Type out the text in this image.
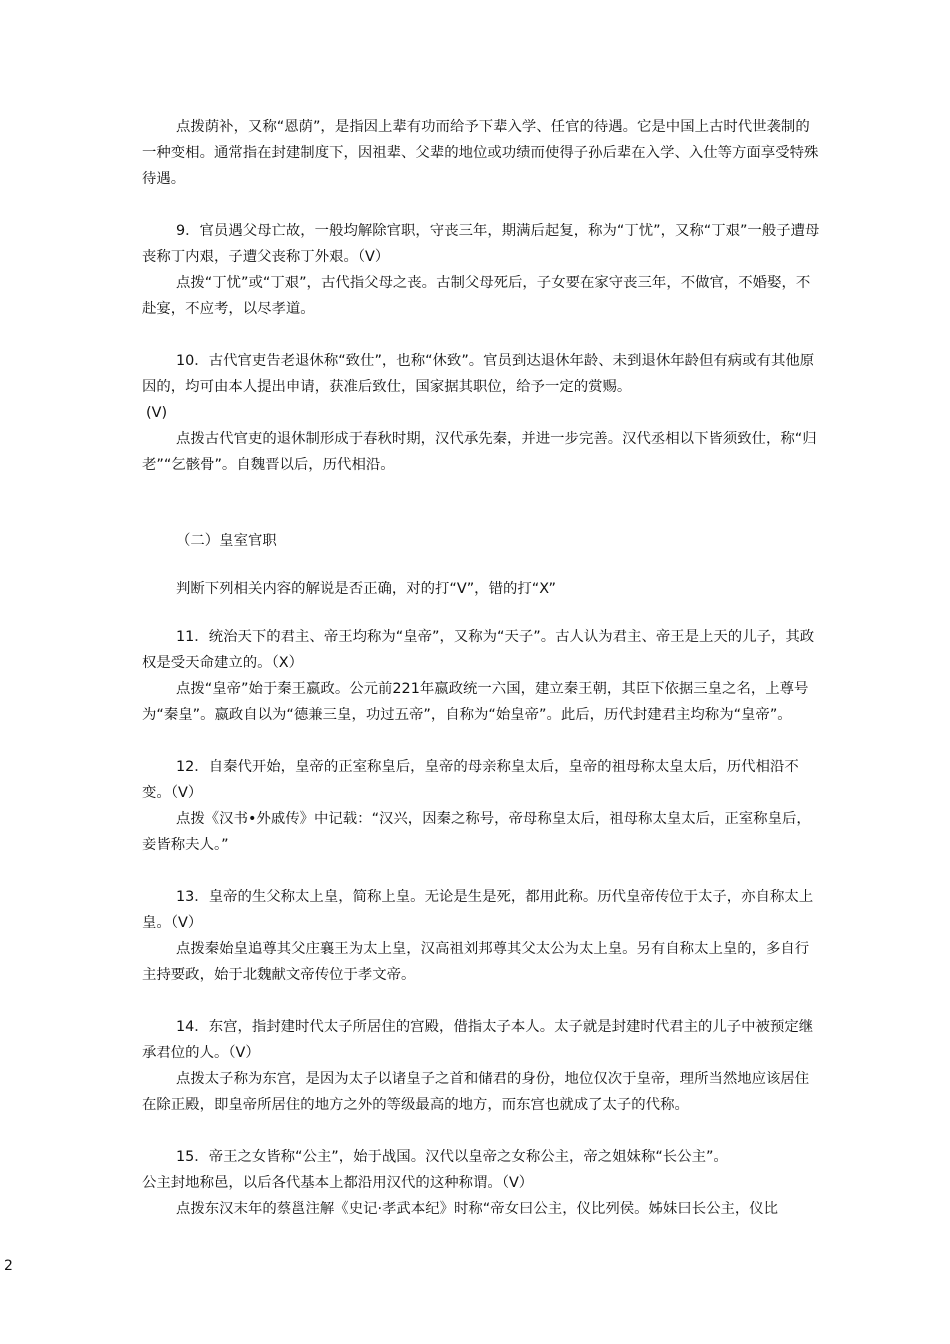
点拨荫补，又称“恩荫”，是指因上辈有功而给予下辈入学、任官的待遇。它是中国上古时代世袭制的一种变相。通常指在封建制度下，因祖辈、父辈的地位或功绩而使得子孙后辈在入学、入仕等方面享受特殊待遇。

9．官员遇父母亡故，一般均解除官职，守丧三年，期满后起复，称为“丁忧”，又称“丁艰”一般子遭母丧称丁内艰，子遭父丧称丁外艰。（V）

点拨“丁忧”或“丁艰”，古代指父母之丧。古制父母死后，子女要在家守丧三年，不做官，不婚娶，不赴宴，不应考，以尽孝道。

10．古代官吏告老退休称“致仕”，也称“休致”。官员到达退休年龄、未到退休年龄但有病或有其他原因的，均可由本人提出申请，获准后致仕，国家据其职位，给予一定的赏赐。

(V)

点拨古代官吏的退休制形成于春秋时期，汉代承先秦，并进一步完善。汉代丞相以下皆须致仕，称“归老”“乞骸骨”。自魏晋以后，历代相沿。

（二）皇室官职

判断下列相关内容的解说是否正确，对的打“V”，错的打“X”

11．统治天下的君主、帝王均称为“皇帝”，又称为“天子”。古人认为君主、帝王是上天的儿子，其政权是受天命建立的。（X）

点拨“皇帝”始于秦王嬴政。公元前221年嬴政统一六国，建立秦王朝，其臣下依据三皇之名，上尊号为“秦皇”。嬴政自以为“德兼三皇，功过五帝”，自称为“始皇帝”。此后，历代封建君主均称为“皇帝”。

12．自秦代开始，皇帝的正室称皇后，皇帝的母亲称皇太后，皇帝的祖母称太皇太后，历代相沿不变。（V）

点拨《汉书•外戚传》中记载：“汉兴，因秦之称号，帝母称皇太后，祖母称太皇太后，正室称皇后，妾皆称夫人。”

13．皇帝的生父称太上皇，简称上皇。无论是生是死，都用此称。历代皇帝传位于太子，亦自称太上皇。（V）

点拨秦始皇追尊其父庄襄王为太上皇，汉高祖刘邦尊其父太公为太上皇。另有自称太上皇的，多自行主持要政，始于北魏献文帝传位于孝文帝。

14．东宫，指封建时代太子所居住的宫殿，借指太子本人。太子就是封建时代君主的儿子中被预定继承君位的人。（V）

点拨太子称为东宫，是因为太子以诸皇子之首和储君的身份，地位仅次于皇帝，理所当然地应该居住在除正殿，即皇帝所居住的地方之外的等级最高的地方，而东宫也就成了太子的代称。

15．帝王之女皆称“公主”，始于战国。汉代以皇帝之女称公主，帝之姐妹称“长公主”。

公主封地称邑，以后各代基本上都沿用汉代的这种称谓。（V）

点拨东汉末年的蔡邕注解《史记·孝武本纪》时称“帝女曰公主，仪比列侯。姊妹曰长公主，仪比

2
